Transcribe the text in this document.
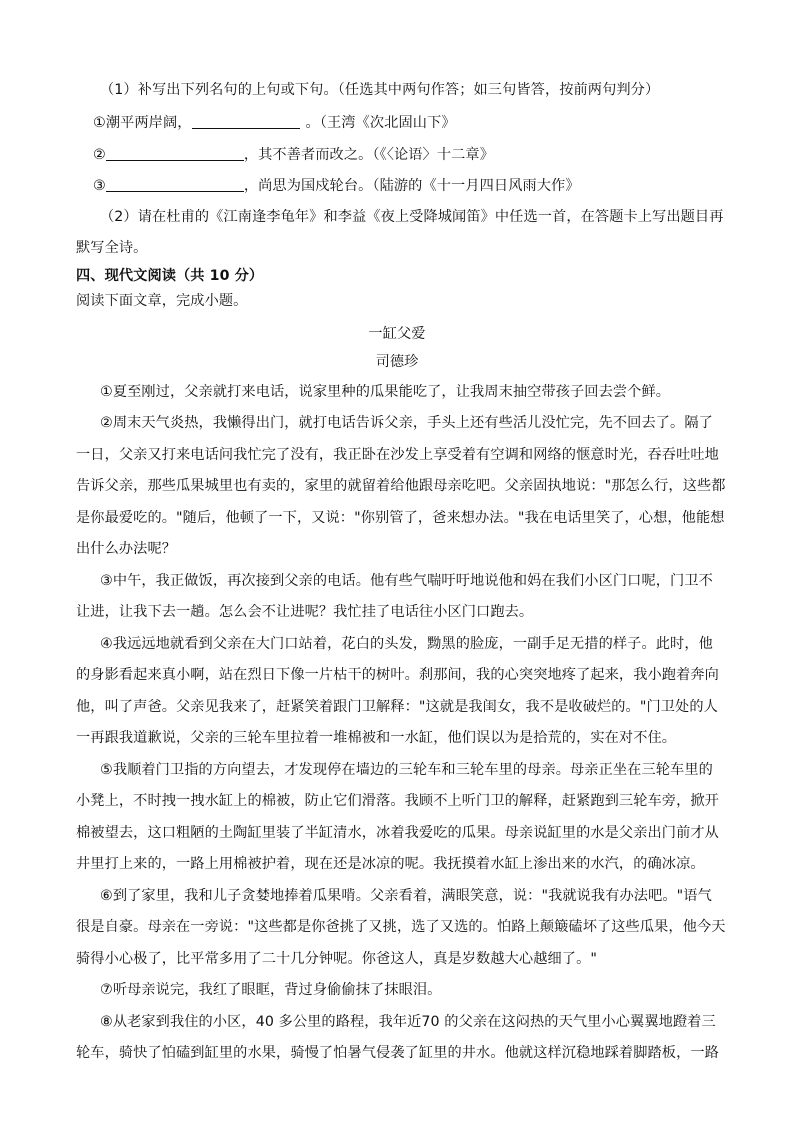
（1）补写出下列名句的上句或下句。（任选其中两句作答；如三句皆答，按前两句判分）
①潮平两岸阔，	。（王湾《次北固山下》
②	，其不善者而改之。（《〈论语〉十二章》
③	，尚思为国戍轮台。（陆游的《十一月四日风雨大作》
（2）请在杜甫的《江南逢李龟年》和李益《夜上受降城闻笛》中任选一首，在答题卡上写出题目再
默写全诗。
四、现代文阅读（共 10 分）
阅读下面文章，完成小题。
一缸父爱
司德珍
①夏至刚过，父亲就打来电话，说家里种的瓜果能吃了，让我周末抽空带孩子回去尝个鲜。
②周末天气炎热，我懒得出门，就打电话告诉父亲，手头上还有些活儿没忙完，先不回去了。隔了
一日，父亲又打来电话问我忙完了没有，我正卧在沙发上享受着有空调和网络的惬意时光，吞吞吐吐地
告诉父亲，那些瓜果城里也有卖的，家里的就留着给他跟母亲吃吧。父亲固执地说："那怎么行，这些都
是你最爱吃的。"随后，他顿了一下，又说："你别管了，爸来想办法。"我在电话里笑了，心想，他能想
出什么办法呢？
③中午，我正做饭，再次接到父亲的电话。他有些气喘吁吁地说他和妈在我们小区门口呢，门卫不
让进，让我下去一趟。怎么会不让进呢？我忙挂了电话往小区门口跑去。
④我远远地就看到父亲在大门口站着，花白的头发，黝黑的脸庞，一副手足无措的样子。此时，他
的身影看起来真小啊，站在烈日下像一片枯干的树叶。刹那间，我的心突突地疼了起来，我小跑着奔向
他，叫了声爸。父亲见我来了，赶紧笑着跟门卫解释："这就是我闺女，我不是收破烂的。"门卫处的人
一再跟我道歉说，父亲的三轮车里拉着一堆棉被和一水缸，他们误以为是拾荒的，实在对不住。
⑤我顺着门卫指的方向望去，才发现停在墙边的三轮车和三轮车里的母亲。母亲正坐在三轮车里的
小凳上，不时拽一拽水缸上的棉被，防止它们滑落。我顾不上听门卫的解释，赶紧跑到三轮车旁，掀开
棉被望去，这口粗陋的土陶缸里装了半缸清水，冰着我爱吃的瓜果。母亲说缸里的水是父亲出门前才从
井里打上来的，一路上用棉被护着，现在还是冰凉的呢。我抚摸着水缸上渗出来的水汽，的确冰凉。
⑥到了家里，我和儿子贪婪地捧着瓜果啃。父亲看着，满眼笑意，说："我就说我有办法吧。"语气
很是自豪。母亲在一旁说："这些都是你爸挑了又挑，选了又选的。怕路上颠簸磕坏了这些瓜果，他今天
骑得小心极了，比平常多用了二十几分钟呢。你爸这人，真是岁数越大心越细了。"
⑦听母亲说完，我红了眼眶，背过身偷偷抹了抹眼泪。
⑧从老家到我住的小区，40 多公里的路程，我年近70 的父亲在这闷热的天气里小心翼翼地蹬着三
轮车，骑快了怕磕到缸里的水果，骑慢了怕暑气侵袭了缸里的井水。他就这样沉稳地踩着脚踏板，一路
